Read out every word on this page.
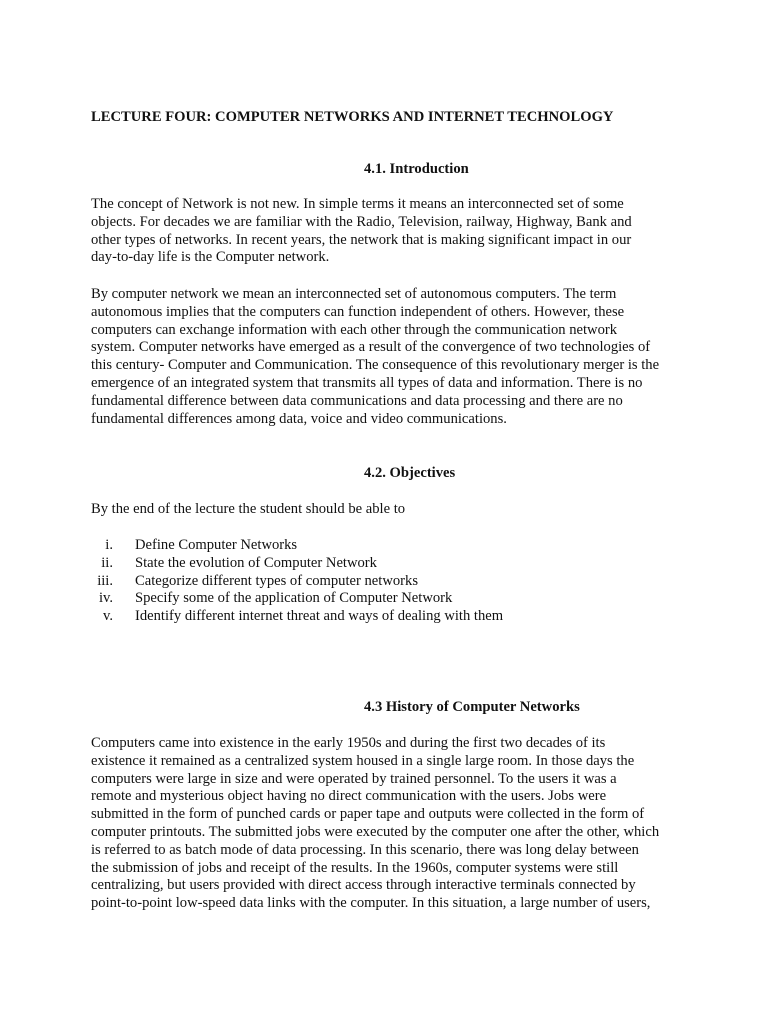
LECTURE FOUR: COMPUTER NETWORKS AND INTERNET TECHNOLOGY
4.1. Introduction
The concept of Network is not new. In simple terms it means an interconnected set of some
objects. For decades we are familiar with the Radio, Television, railway, Highway, Bank and
other types of networks. In recent years, the network that is making significant impact in our
day-to-day life is the Computer network.
By computer network we mean an interconnected set of autonomous computers. The term
autonomous implies that the computers can function independent of others. However, these
computers can exchange information with each other through the communication network
system. Computer networks have emerged as a result of the convergence of two technologies of
this century- Computer and Communication. The consequence of this revolutionary merger is the
emergence of an integrated system that transmits all types of data and information. There is no
fundamental difference between data communications and data processing and there are no
fundamental differences among data, voice and video communications.
4.2. Objectives
By the end of the lecture the student should be able to
i. Define Computer Networks
ii. State the evolution of Computer Network
iii. Categorize different types of computer networks
iv. Specify some of the application of Computer Network
v. Identify different internet threat and ways of dealing with them
4.3 History of Computer Networks
Computers came into existence in the early 1950s and during the first two decades of its
existence it remained as a centralized system housed in a single large room. In those days the
computers were large in size and were operated by trained personnel. To the users it was a
remote and mysterious object having no direct communication with the users. Jobs were
submitted in the form of punched cards or paper tape and outputs were collected in the form of
computer printouts. The submitted jobs were executed by the computer one after the other, which
is referred to as batch mode of data processing. In this scenario, there was long delay between
the submission of jobs and receipt of the results. In the 1960s, computer systems were still
centralizing, but users provided with direct access through interactive terminals connected by
point-to-point low-speed data links with the computer. In this situation, a large number of users,
